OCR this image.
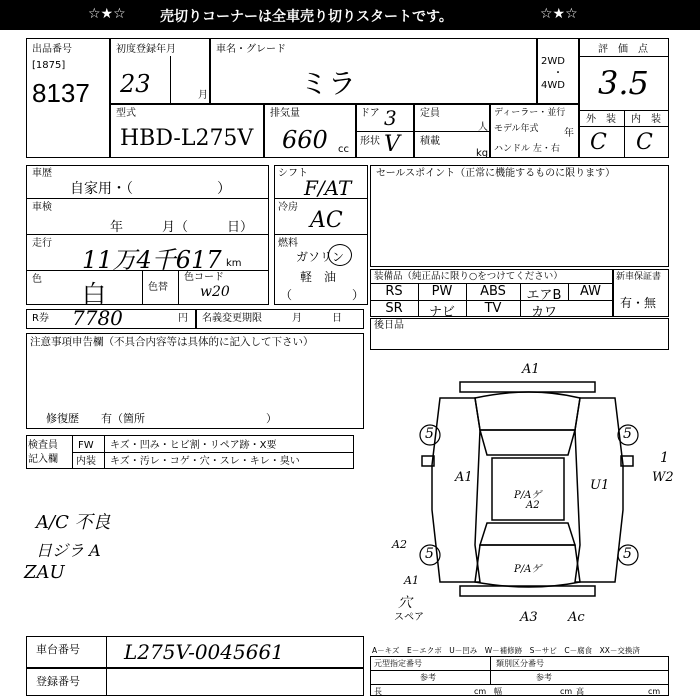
☆★☆ 売切りコーナーは全車売り切りスタートです。	☆★☆
出品番号
[1875]
8137
初度登録年月
23	月
車名・グレード
ミラ
2WD
・
4WD
評　価　点
3.5
外　装 内　装
C C
型式
HBD-L275V
排気量
660 cc
ドア 3
形状 V
定員
人
積載
kg
ディーラー・並行
モデル年式	年
ハンドル 左・右
車歴
自家用・（　　　　　　）
車検
年　　　月（　　　日）
走行
11万4千617 km
色
白	色替
色コード
w20
シフト
F/AT
冷房
AC
燃料
ガソリン
軽　油
（　　　　　）
セールスポイント（正常に機能するものに限ります）
装備品（純正品に限り○をつけてください）
RS	PW	ABS	エアB	AW
SR	ナビ	TV	カワ
新車保証書
有・無
R券 7780	円 名義変更期限	月　　　日
後日品
注意事項申告欄（不具合内容等は具体的に記入して下さい）
修復歴　　有（箇所　　　　　　　　　　　）
検査員
記入欄
FW キズ・凹み・ヒビ割・リペア跡・X要
内装 キズ・汚レ・コゲ・穴・スレ・キレ・臭い
A/C 不良
日ジラ A
ZAU
A1
A1
U1
P/Aゲ
A2
P/Aゲ
A2
A1
A3 Ac
W2
1
穴
スペア
5	5
5	5
車台番号 L275V-0045661
登録番号
A－キズ　E－エクボ　U－凹み　W－補修跡　S－サビ　C－腐食　XX－交換済
元型指定番号
参考
類別区分番号
参考
長	cm 幅	cm 高	cm
